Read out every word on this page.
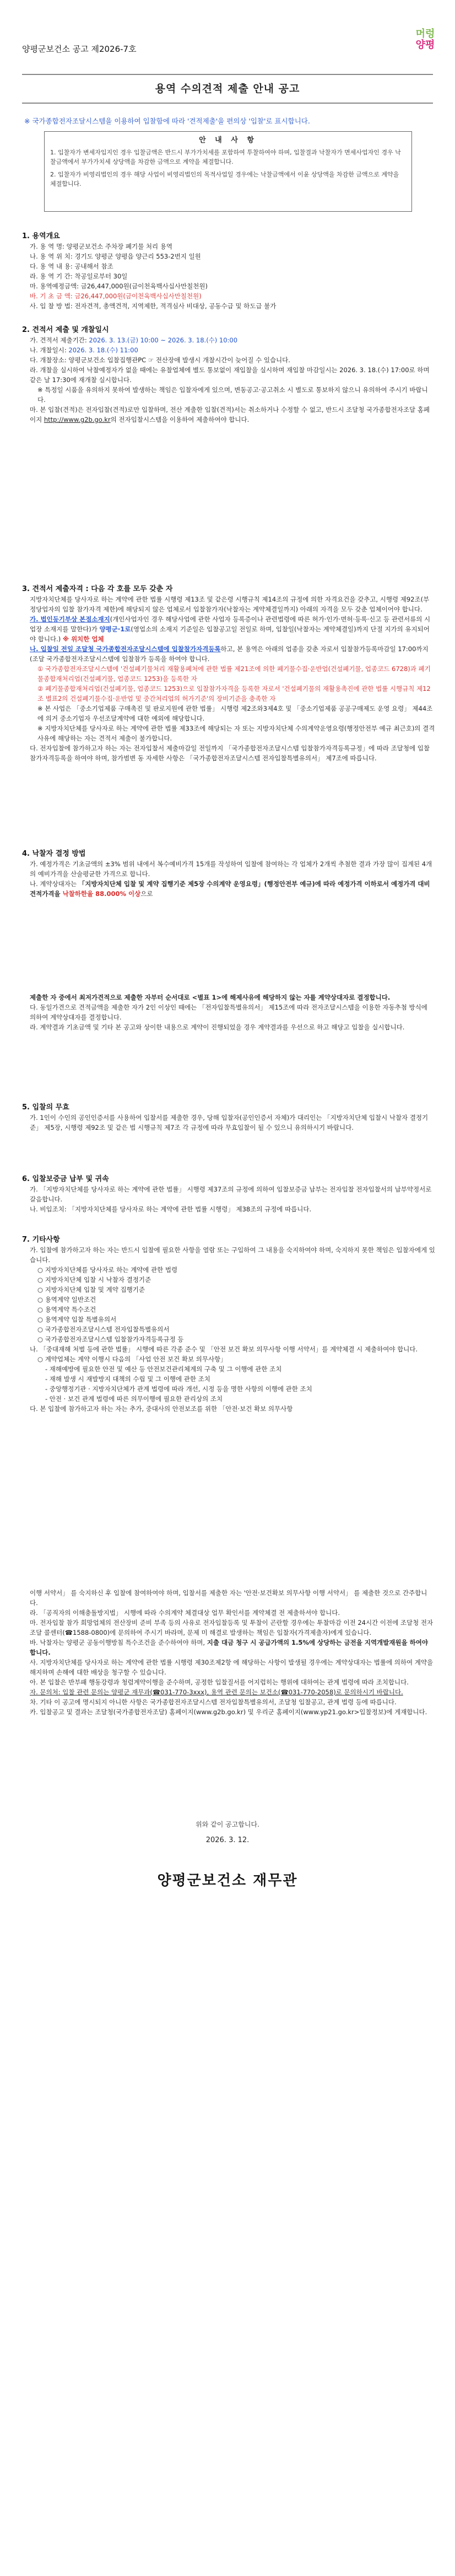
양평군보건소 공고 제2026-7호
머렁
양평
용역 수의견적 제출 안내 공고
※ 국가종합전자조달시스템을 이용하여 입찰함에 따라 '견적제출'을 편의상 '입찰'로 표시합니다.
안 내 사 항
1. 입찰자가 변세자입지인 경우 입찰금액은 반드시 부가가치세를 포함하여 투찰하여야 하며, 입찰결과 낙찰자가 면세사업자인 경우 낙찰금액에서 부가가치세 상당액을 차감한 금액으로 계약을 체결합니다.
2. 입찰자가 비영리법인의 경우 해당 사업이 비영리법인의 목적사업일 경우에는 낙찰금액에서 이윤 상당액을 차감한 금액으로 계약을 체결합니다.
1. 용역개요
가. 용 역 명: 양평군보건소 주차장 폐기물 처리 용역
나. 용 역 위 치: 경기도 양평군 양평읍 양근리 553-2번지 일원
다. 용 역 내 용: 공내해서 참조
라. 용 역 기 간: 착공일로부터 30일
마. 용역예정금액: 금26,447,000원(금이천육백사십사만칠천원)
바. 기 초 금 액: 금26,447,000원(금이천육백사십사만칠천원)
사. 입 찰 방 법: 전자견적, 총액견적, 지역제한, 적격심사 비대상, 공동수급 및 하도급 불가
2. 견적서 제출 및 개찰일시
가. 견적서 제출기간: 2026. 3. 13.(금) 10:00 ~ 2026. 3. 18.(수) 10:00
나. 개찰일시: 2026. 3. 18.(수) 11:00
다. 개찰장소: 양평군보건소 입찰집행관PC ☞ 전산장애 발생시 개찰시간이 늦어질 수 있습니다.
라. 개찰을 실시하여 낙찰예정자가 없을 때에는 유찰업체에 별도 통보없이 재입찰을 실시하며 재입찰 마감일시는 2026. 3. 18.(수) 17:00로 하며 같은 날 17:30에 재개찰 실시합니다.
※ 특정일 시품을 유의하지 못하여 발생하는 책임은 입찰자에게 있으며, 변동공고·공고취소 시 별도로 통보하지 않으니 유의하여 주시기 바랍니다.
마. 본 입찰(견적)은 전자입찰(견적)로만 입찰하며, 전산 계출한 입찰(견적)서는 취소하거나 수정할 수 없고, 반드시 조달청 국가종합전자조달 홈페이지 http://www.g2b.go.kr의 전자입찰시스템을 이용하여 제출하여야 합니다.
3. 견적서 제출자격 : 다음 각 호를 모두 갖춘 자
지방자치단체를 당사자로 하는 계약에 관한 법률 시행령 제13조 및 같은령 시행규칙 제14조의 규정에 의한 자격요건을 갖추고, 시행령 제92조(부정당업자의 입찰 참가자격 제한)에 해당되지 않은 업체로서 입찰참가자(낙찰자는 계약체결일까지) 아래의 자격을 모두 갖춘 업체이어야 합니다.
가. 법인등기부상 본점소재지(개인사업자인 경우 해당사업에 관한 사업자 등록증이나 관련법령에 따른 허가·인가·면허·등록·신고 등 관련서류의 시업장 소재지를 말한다)가 양평군·1로(영업소의 소재지 기준일은 입찰공고일 전일로 하며, 입찰일(낙찰자는 계약체결일)까지 단절 지가의 유지되어야 합니다.) ※ 위치한 업체
나. 입찰일 전일 조달청 국가종합전자조달시스템에 입찰참가자격등록하고, 본 용역은 아래의 업종을 갖춘 자로서 입찰참가등록마감일 17:00까지 (조달 국가종합전자조달시스템에 입찰참가 등록을 하여야 합니다.
① 국가종합전자조달시스템에 '건설폐기물처리 재활용폐처에 관한 법률 제21조에 의한 폐기물수집·운반업(건설폐기물, 업종코드 6728)과 폐기물종합재처리업(건설폐기물, 업종코드 1253)을 등록한 자
② 폐기물종합재처리업(건설폐기물, 업종코드 1253)으로 입찰참가자격을 등록한 자로서 '건설폐기물의 재활용촉진에 관한 법률 시행규칙 제12조 별표2의 건설폐기물수집·운반업 및 중간처리업의 허가기준'의 장비기준을 충족한 자
※ 본 사업은 「중소기업제품 구매촉진 및 판로지원에 관한 법률」 시행령 제2조와3제4호 및 「중소기업제품 공공구매제도 운영 요령」 제44조에 의거 중소기업자 우선조달계약에 대한 예외에 해당합니다.
※ 지방자치단체를 당사자로 하는 계약에 관한 법률 제33조에 해당되는 자 또는 지방자치단체 수의계약운영요령(행정안전부 예규 최근호)의 결격사유에 해당하는 자는 견적서 제출이 불가합니다.
다. 전자입찰에 참가하고자 하는 자는 전자입찰서 제출마감일 전일까지 「국가종합전자조달시스템 입찰참가자격등록규정」에 따라 조달청에 입찰참가자격등록을 하여야 하며, 참가범변 동 자세한 사항은 「국가종합전자조달시스템 전자입찰특별유의서」 제7조에 따릅니다.
4. 낙찰자 결정 방법
가. 예정가격은 기초금액의 ±3% 범위 내에서 복수예비가격 15개를 작성하여 입찰에 참여하는 각 업체가 2개씩 추첨한 결과 가장 많이 집계된 4개의 예비가격을 산술평균한 가격으로 합니다.
나. 계약상대자는 「지방자치단체 입찰 및 계약 집행기준 제5장 수의계약 운영요령」(행정안전부 예규)에 따라 예정가격 이하로서 예정가격 대비 견적가격을 낙찰하한율 88.000% 이상으로
제출한 자 중에서 최저가견적으로 제출한 자부터 순서대로 <별표 1>에 해제사유에 해당하지 않는 자를 계약상대자로 결정합니다.
다. 동일가견으로 견적금액을 제출한 자가 2인 이상인 때에는 「전자입찰특별유의서」 제15조에 따라 전자조달시스템을 이용한 자동추첨 방식에 의하여 계약상대자를 결정합니다.
라. 계약결과 기초금액 및 기타 본 공고와 상이한 내용으로 계약이 진행되었을 경우 계약결과를 우선으로 하고 해당고 입찰을 실시합니다.
5. 입찰의 무효
가. 1인이 수인의 공인인증서를 사용하여 입찰서를 제출한 경우, 당해 입찰자(공인인증서 자체)가 대리인는 「지방자치단체 입찰시 낙찰자 결정기준」 제5장, 시행령 제92조 및 같은 법 시행규칙 제7조 각 규정에 따라 무효입찰이 될 수 있으니 유의하시기 바랍니다.
6. 입찰보증금 납부 및 귀속
가. 「지방자치단체를 당사자로 하는 계약에 관한 법률」 시행령 제37조의 규정에 의하여 입찰보증금 납부는 전자입찰 전자입찰서의 납부약정서로 갈음합니다.
나. 비입조치: 「지방자치단체를 당사자로 하는 계약에 관한 법률 시행령」 제38조의 규정에 따릅니다.
7. 기타사항
가. 입찰에 참가하고자 하는 자는 반드시 입찰에 필요한 사항을 열람 또는 구입하여 그 내용을 숙지하여야 하며, 숙지하지 못한 책임은 입찰자에게 있습니다.
○ 지방자치단체를 당사자로 하는 계약에 관한 법령
○ 지방자치단체 입찰 시 낙찰자 결정기준
○ 지방자치단체 입찰 및 계약 집행기준
○ 용역계약 일반조건
○ 용역계약 특수조건
○ 용역계약 입찰 특별유의서
○ 국가종합전자조달시스템 전자입찰특별유의서
○ 국가종합전자조달시스템 입찰참가자격등록규정 등
나. 「중대재해 처벌 등에 관한 법률」 시행에 따른 각종 준수 및 「안전 보건 확보 의무사항 이행 서약서」를 계약체결 시 제출하여야 합니다.
○ 계약업체는 계약 이행시 다음의 「사업 안전 보건 확보 의무사항」
- 재해예방에 필요한 안전 및 예산 등 안전보건관리체계의 구축 및 그 이행에 관한 조치
- 재해 발생 시 재발방지 대책의 수립 및 그 이행에 관한 조치
- 중앙행정기관 · 지방자치단체가 관계 법령에 따라 개선, 시정 등을 명한 사항의 이행에 관한 조치
- 안전 · 보건 관계 법령에 따른 의무이행에 필요한 관리상의 조치
다. 본 입찰에 참가하고자 하는 자는 추가, 중대사의 안전보조를 위한 「안전·보건 확보 의무사항
이행 서약서」 를 숙지하신 후 입찰에 참여하여야 하며, 입찰서를 제출한 자는 '안전·보건확보 의무사항 이행 서약서」 를 제출한 것으로 간주합니다.
라. 「공직자의 이해충돌방지법」 시행에 따라 수의계약 체결대상 업무 확인서를 계약체결 전 제출하셔야 합니다.
마. 전자입찰 참가 희망업체의 전산장비 준비 부족 등의 사유로 전자입찰등록 및 투찰이 곤란할 경우에는 투찰마감 이전 24시간 이전에 조달청 전자조달 콜센터(☎1588-0800)에 문의하여 주시기 바라며, 문제 미 해결로 발생하는 책임은 입찰자(가격제출자)에게 있습니다.
바. 낙찰자는 양평군 공동이행방침 특수조건을 준수하여야 하며, 지출 대금 청구 시 공급가액의 1.5%에 상당하는 금전을 지역개발재원을 하여야 합니다.
사. 지방자치단체를 당사자로 하는 계약에 관한 법률 시행령 제30조제2항 에 해당하는 사항이 발생될 경우에는 계약상대자는 법률에 의하여 계약을 해지하며 손해에 대한 배상을 청구할 수 있습니다.
아. 본 입찰은 반부패 행동강령과 청렴계약이행을 준수하며, 공정한 입찰질서를 어지럽히는 행위에 대하여는 관계 법령에 따라 조치합니다.
자. 문의처: 입찰 관련 문의는 양평군 재무과(☎031-770-3xxx), 용역 관련 문의는 보건소(☎031-770-2058)로 문의하시기 바랍니다.
차. 기타 이 공고에 명시되지 아니한 사항은 국가종합전자조달시스템 전자입찰특별유의서, 조달청 입찰공고, 관계 법령 등에 따릅니다.
카. 입찰공고 및 결과는 조달청(국가종합전자조달) 홈페이지(www.g2b.go.kr) 및 우리군 홈페이지(www.yp21.go.kr>입찰정보)에 게재합니다.
위와 같이 공고합니다.
2026. 3. 12.
양평군보건소 재무관
